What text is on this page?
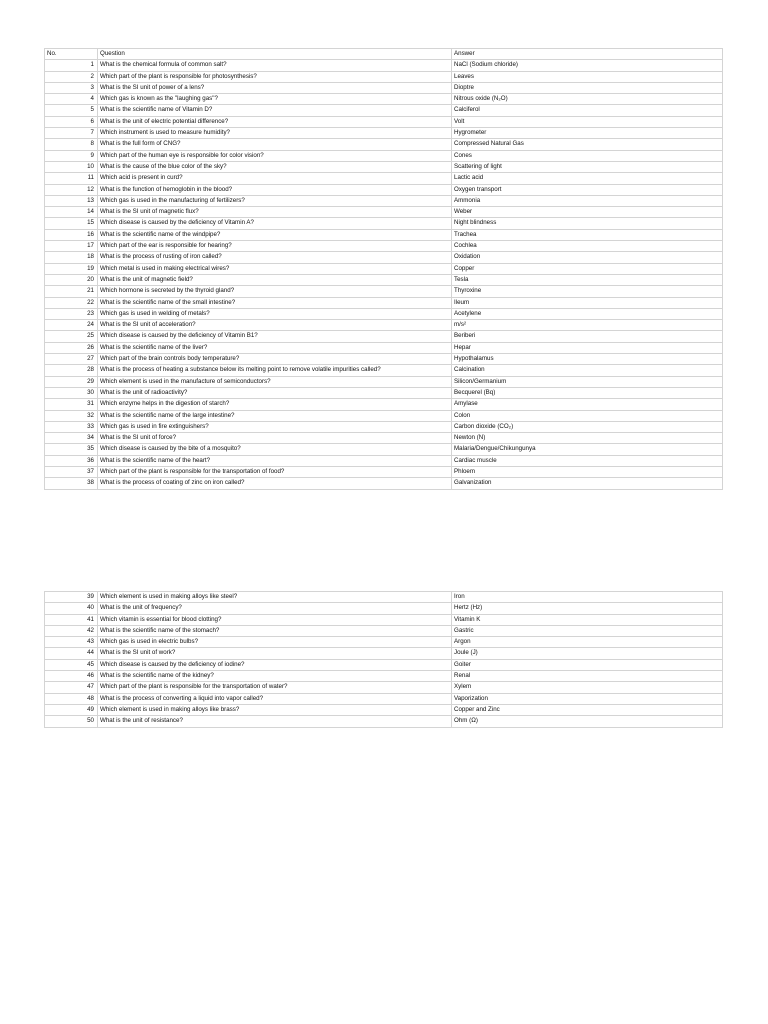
No.	Question	Answer
1	What is the chemical formula of common salt?	NaCl (Sodium chloride)
2	Which part of the plant is responsible for photosynthesis?	Leaves
3	What is the SI unit of power of a lens?	Dioptre
4	Which gas is known as the "laughing gas"?	Nitrous oxide (N₂O)
5	What is the scientific name of Vitamin D?	Calciferol
6	What is the unit of electric potential difference?	Volt
7	Which instrument is used to measure humidity?	Hygrometer
8	What is the full form of CNG?	Compressed Natural Gas
9	Which part of the human eye is responsible for color vision?	Cones
10	What is the cause of the blue color of the sky?	Scattering of light
11	Which acid is present in curd?	Lactic acid
12	What is the function of hemoglobin in the blood?	Oxygen transport
13	Which gas is used in the manufacturing of fertilizers?	Ammonia
14	What is the SI unit of magnetic flux?	Weber
15	Which disease is caused by the deficiency of Vitamin A?	Night blindness
16	What is the scientific name of the windpipe?	Trachea
17	Which part of the ear is responsible for hearing?	Cochlea
18	What is the process of rusting of iron called?	Oxidation
19	Which metal is used in making electrical wires?	Copper
20	What is the unit of magnetic field?	Tesla
21	Which hormone is secreted by the thyroid gland?	Thyroxine
22	What is the scientific name of the small intestine?	Ileum
23	Which gas is used in welding of metals?	Acetylene
24	What is the SI unit of acceleration?	m/s²
25	Which disease is caused by the deficiency of Vitamin B1?	Beriberi
26	What is the scientific name of the liver?	Hepar
27	Which part of the brain controls body temperature?	Hypothalamus
28	What is the process of heating a substance below its melting point to remove volatile impurities called?	Calcination
29	Which element is used in the manufacture of semiconductors?	Silicon/Germanium
30	What is the unit of radioactivity?	Becquerel (Bq)
31	Which enzyme helps in the digestion of starch?	Amylase
32	What is the scientific name of the large intestine?	Colon
33	Which gas is used in fire extinguishers?	Carbon dioxide (CO₂)
34	What is the SI unit of force?	Newton (N)
35	Which disease is caused by the bite of a mosquito?	Malaria/Dengue/Chikungunya
36	What is the scientific name of the heart?	Cardiac muscle
37	Which part of the plant is responsible for the transportation of food?	Phloem
38	What is the process of coating of zinc on iron called?	Galvanization
39	Which element is used in making alloys like steel?	Iron
40	What is the unit of frequency?	Hertz (Hz)
41	Which vitamin is essential for blood clotting?	Vitamin K
42	What is the scientific name of the stomach?	Gastric
43	Which gas is used in electric bulbs?	Argon
44	What is the SI unit of work?	Joule (J)
45	Which disease is caused by the deficiency of iodine?	Goiter
46	What is the scientific name of the kidney?	Renal
47	Which part of the plant is responsible for the transportation of water?	Xylem
48	What is the process of converting a liquid into vapor called?	Vaporization
49	Which element is used in making alloys like brass?	Copper and Zinc
50	What is the unit of resistance?	Ohm (Ω)
